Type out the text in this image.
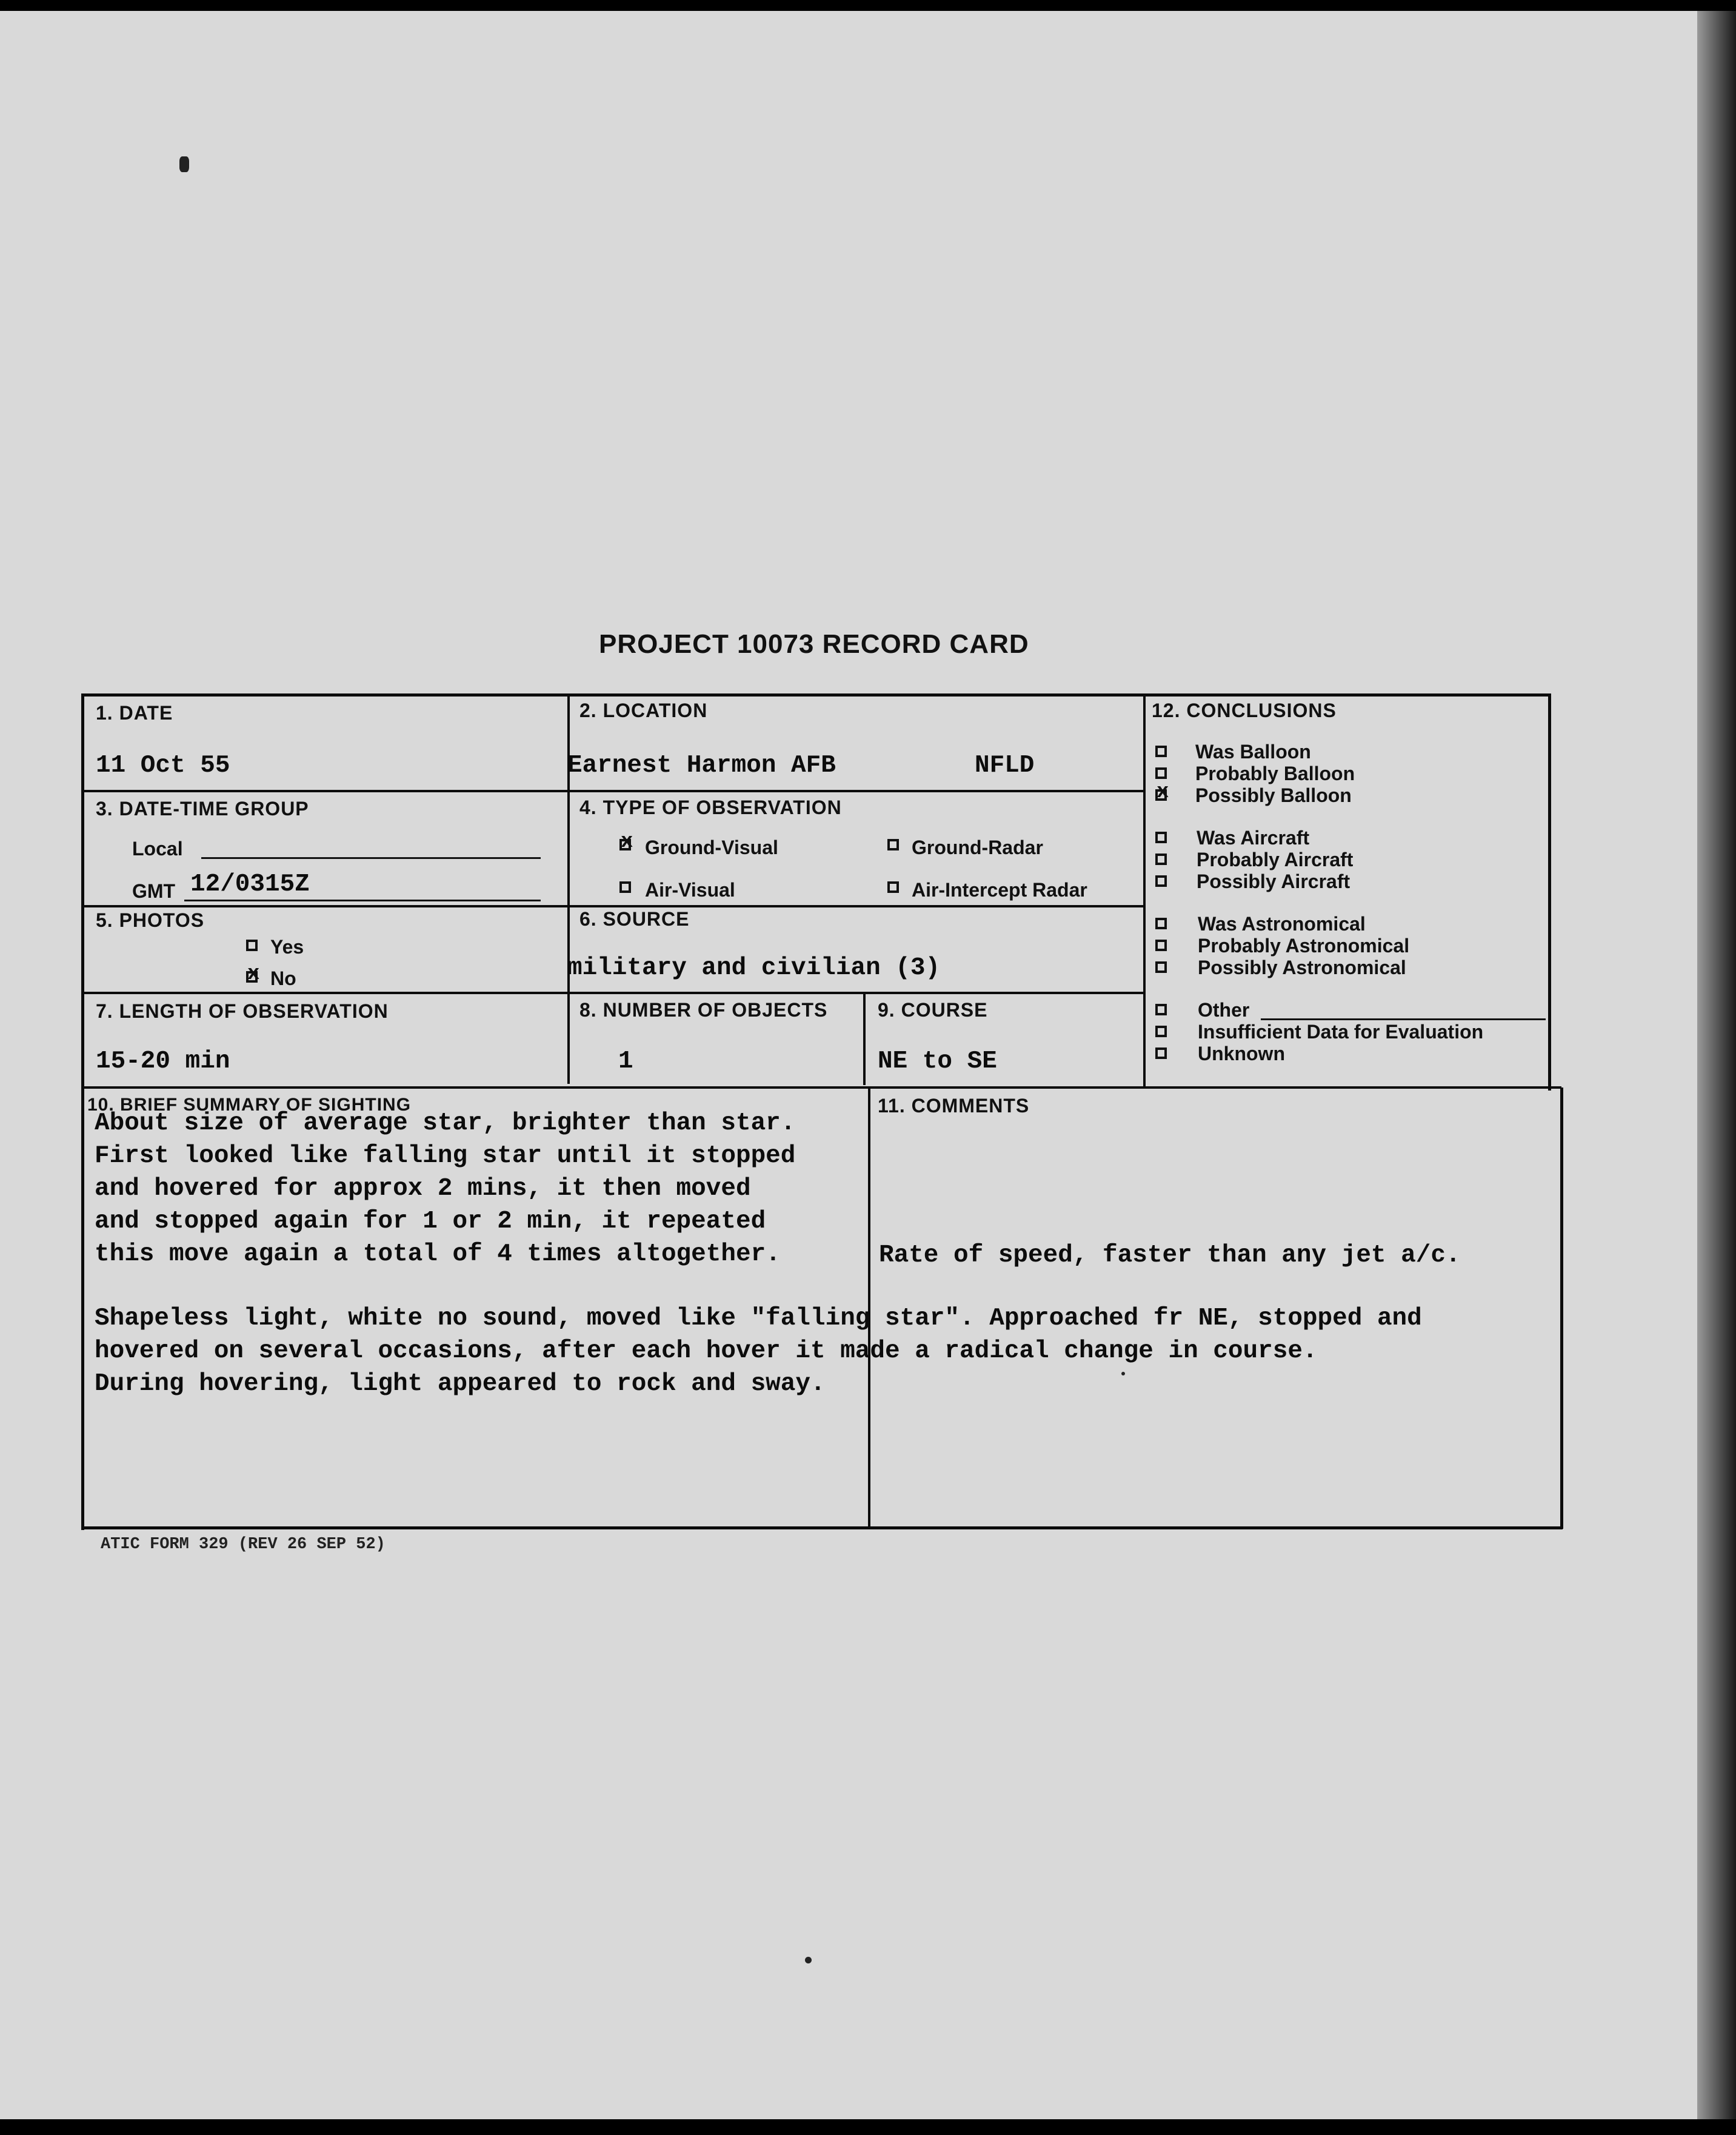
PROJECT 10073 RECORD CARD
1. DATE
11 Oct 55
2. LOCATION
Earnest Harmon AFB	NFLD
3. DATE-TIME GROUP
Local
GMT 12/0315Z
4. TYPE OF OBSERVATION
x
Ground-Visual	Ground-Radar
Air-Visual	Air-Intercept Radar
5. PHOTOS
Yes
x
No
6. SOURCE
military and civilian (3)
7. LENGTH OF OBSERVATION
15-20 min
8. NUMBER OF OBJECTS
1
9. COURSE
NE to SE
12. CONCLUSIONS
Was Balloon
Probably Balloon
x
Possibly Balloon
Was Aircraft
Probably Aircraft
Possibly Aircraft
Was Astronomical
Probably Astronomical
Possibly Astronomical
Other
Insufficient Data for Evaluation
Unknown
10. BRIEF SUMMARY OF SIGHTING
About size of average star, brighter than star.
First looked like falling star until it stopped
and hovered for approx 2 mins, it then moved
and stopped again for 1 or 2 min, it repeated
this move again a total of 4 times altogether.
Shapeless light, white no sound, moved like "falling star". Approached fr NE, stopped and
hovered on several occasions, after each hover it made a radical change in course.
During hovering, light appeared to rock and sway.
11. COMMENTS
Rate of speed, faster than any jet a/c.
ATIC FORM 329 (REV 26 SEP 52)
